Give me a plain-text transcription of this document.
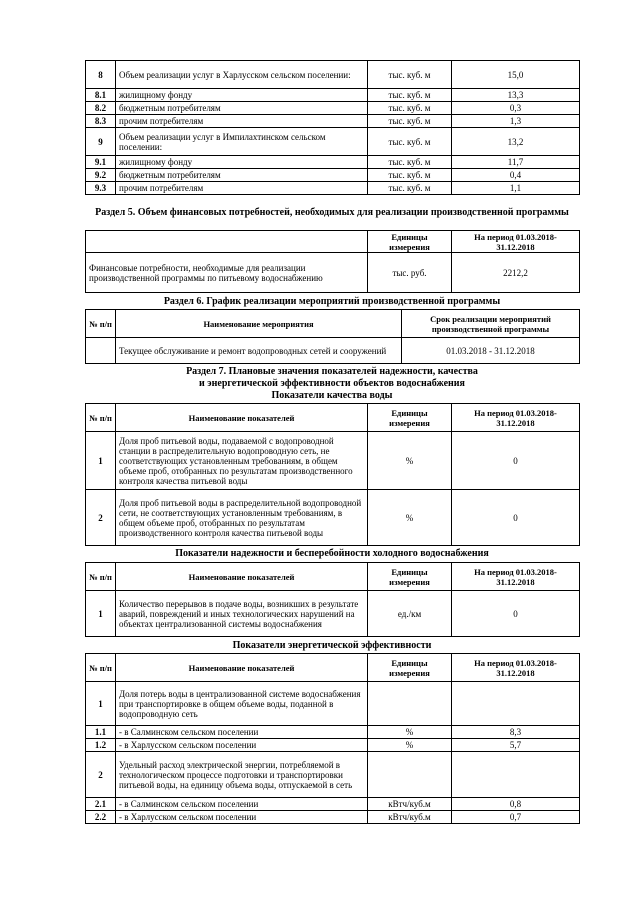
8	Объем реализации услуг в Харлусском сельском поселении:	тыс. куб. м	15,0
8.1	жилищному фонду	тыс. куб. м	13,3
8.2	бюджетным потребителям	тыс. куб. м	0,3
8.3	прочим потребителям	тыс. куб. м	1,3
9	Объем реализации услуг в Импилахтинском сельском поселении:	тыс. куб. м	13,2
9.1	жилищному фонду	тыс. куб. м	11,7
9.2	бюджетным потребителям	тыс. куб. м	0,4
9.3	прочим потребителям	тыс. куб. м	1,1
Раздел 5. Объем финансовых потребностей, необходимых для реализации производственной программы
	Единицы измерения	На период 01.03.2018-31.12.2018
Финансовые потребности, необходимые для реализации производственной программы по питьевому водоснабжению	тыс. руб.	2212,2
Раздел 6. График реализации мероприятий производственной программы
№ п/п	Наименование мероприятия	Срок реализации мероприятий производственной программы
	Текущее обслуживание и ремонт водопроводных сетей и сооружений	01.03.2018 - 31.12.2018
Раздел 7. Плановые значения показателей надежности, качества
и энергетической эффективности объектов водоснабжения
Показатели качества воды
№ п/п	Наименование показателей	Единицы измерения	На период 01.03.2018-31.12.2018
1	Доля проб питьевой воды, подаваемой с водопроводной станции в распределительную водопроводную сеть, не соответствующих установленным требованиям, в общем объеме проб, отобранных по результатам производственного контроля качества питьевой воды	%	0
2	Доля проб питьевой воды в распределительной водопроводной сети, не соответствующих установленным требованиям, в общем объеме проб, отобранных по результатам производственного контроля качества питьевой воды	%	0
Показатели надежности и бесперебойности холодного водоснабжения
№ п/п	Наименование показателей	Единицы измерения	На период 01.03.2018-31.12.2018
1	Количество перерывов в подаче воды, возникших в результате аварий, повреждений и иных технологических нарушений на объектах централизованной системы водоснабжения	ед./км	0
Показатели энергетической эффективности
№ п/п	Наименование показателей	Единицы измерения	На период 01.03.2018-31.12.2018
1	Доля потерь воды в централизованной системе водоснабжения при транспортировке в общем объеме воды, поданной в водопроводную сеть		
1.1	- в Салминском сельском поселении	%	8,3
1.2	- в Харлусском сельском поселении	%	5,7
2	Удельный расход электрической энергии, потребляемой в технологическом процессе подготовки и транспортировки питьевой воды, на единицу объема воды, отпускаемой в сеть		
2.1	- в Салминском сельском поселении	кВтч/куб.м	0,8
2.2	- в Харлусском сельском поселении	кВтч/куб.м	0,7
